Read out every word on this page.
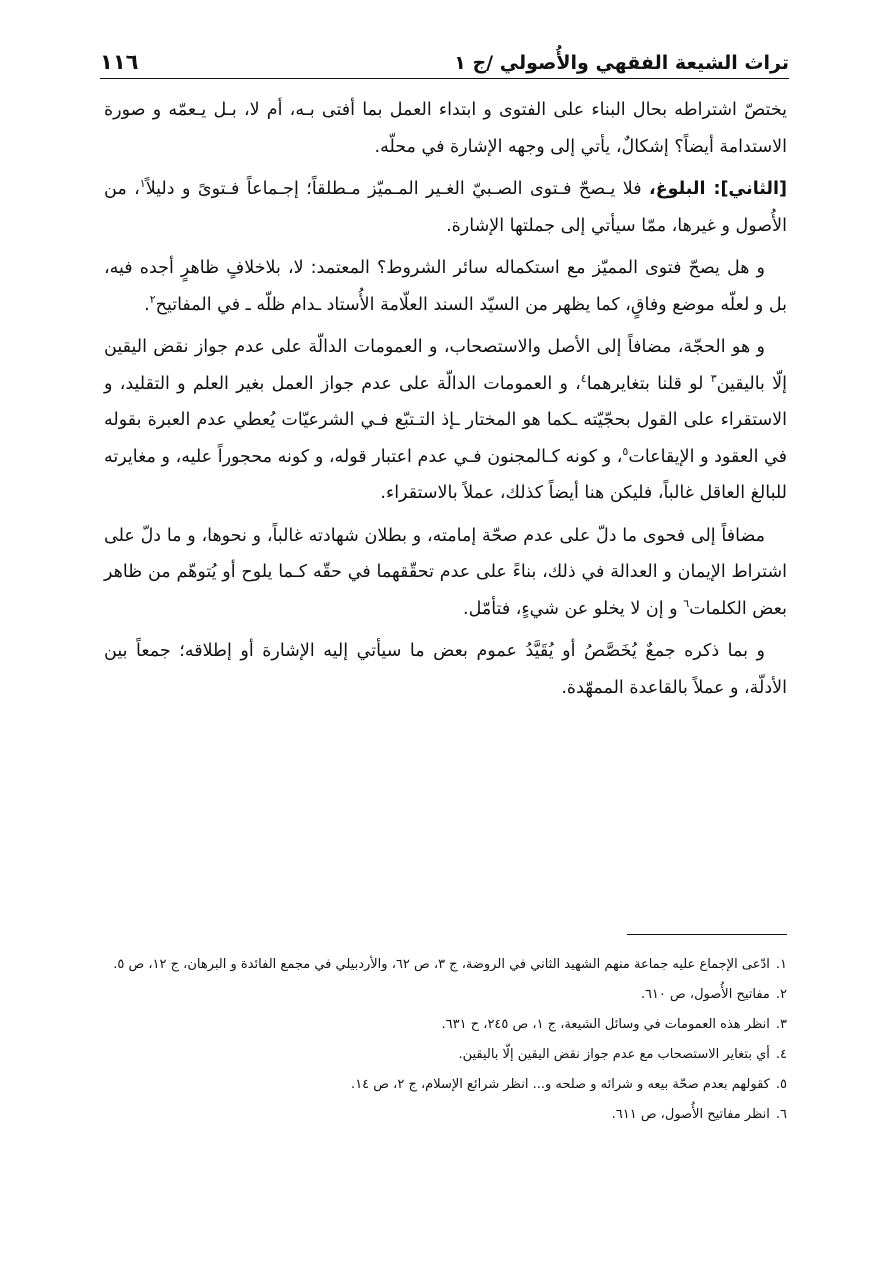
تراث الشيعة الفقهي والأُصولي /ج ١
١١٦

يختصّ اشتراطه بحال البناء على الفتوى و ابتداء العمل بما أفتى بـه، أم لا، بـل يـعمّه و صورة الاستدامة أيضاً؟ إشكالٌ، يأتي إلى وجهه الإشارة في محلّه.

[الثاني]: البلوغ، فلا يـصحّ فـتوى الصـبيّ الغـير المـميّز مـطلقاً؛ إجـماعاً فـتوىً و دليلاً$^١$، من الأُصول و غيرها، ممّا سيأتي إلى جملتها الإشارة.

و هل يصحّ فتوى المميّز مع استكماله سائر الشروط؟ المعتمد: لا، بلاخلافٍ ظاهرٍ أجده فيه، بل و لعلّه موضع وفاقٍ، كما يظهر من السيّد السند العلّامة الأُستاد ـدام ظلّه ـ في المفاتيح$^٢$.

و هو الحجّة، مضافاً إلى الأصل والاستصحاب، و العمومات الدالّة على عدم جواز نقض اليقين إلّا باليقين$^٣$ لو قلنا بتغايرهما$^٤$، و العمومات الدالّة على عدم جواز العمل بغير العلم و التقليد، و الاستقراء على القول بحجّيّته ـكما هو المختار ـإذ التـتبّع فـي الشرعيّات يُعطي عدم العبرة بقوله في العقود و الإيقاعات$^٥$، و كونه كـالمجنون فـي عدم اعتبار قوله، و كونه محجوراً عليه، و مغايرته للبالغ العاقل غالباً، فليكن هنا أيضاً كذلك، عملاً بالاستقراء.

مضافاً إلى فحوى ما دلّ على عدم صحّة إمامته، و بطلان شهادته غالباً، و نحوها، و ما دلّ على اشتراط الإيمان و العدالة في ذلك، بناءً على عدم تحقّقهما في حقّه كـما يلوح أو يُتوهّم من ظاهر بعض الكلمات$^٦$ و إن لا يخلو عن شيءٍ، فتأمّل.

و بما ذكره جمعٌ يُخَصَّصُ أو يُقَيَّدُ عموم بعض ما سيأتي إليه الإشارة أو إطلاقه؛ جمعاً بين الأدلّة، و عملاً بالقاعدة الممهّدة.

١.ادّعى الإجماع عليه جماعة منهم الشهيد الثاني في الروضة، ج ٣، ص ٦٢، والأردبيلي في مجمع الفائدة و البرهان، ج ١٢، ص ٥.

٢.مفاتيح الأُصول، ص ٦١٠.

٣.انظر هذه العمومات في وسائل الشيعة، ج ١، ص ٢٤٥، ح ٦٣١.

٤.أي بتغاير الاستصحاب مع عدم جواز نقض اليقين إلّا باليقين.

٥.كقولهم بعدم صحّة بيعه و شرائه و صلحه و... انظر شرائع الإسلام، ج ٢، ص ١٤.

٦.انظر مفاتيح الأُصول، ص ٦١١.
